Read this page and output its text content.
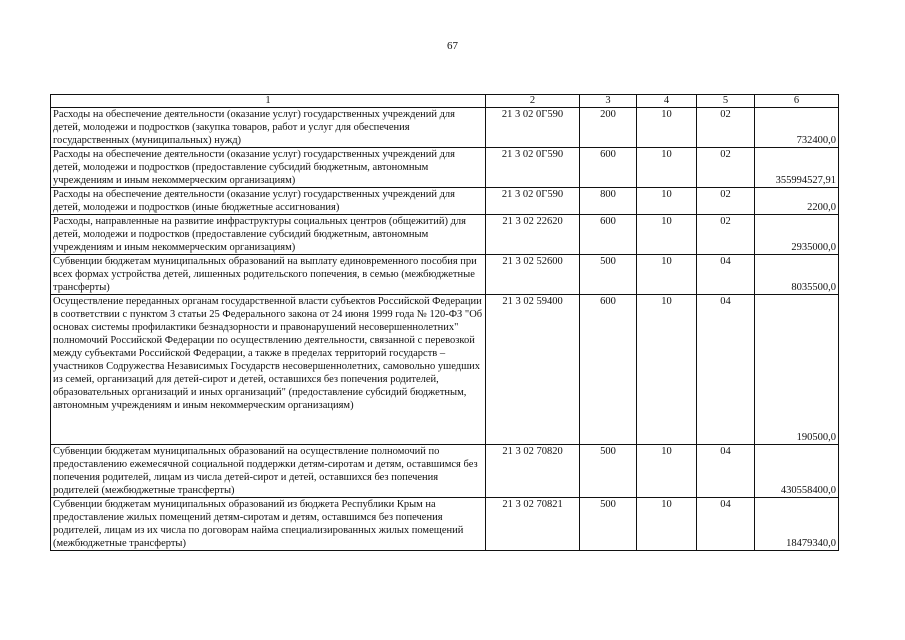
67
1	2	3	4	5	6
Расходы на обеспечение деятельности (оказание услуг) государственных учреждений для детей, молодежи и подростков (закупка товаров, работ и услуг для обеспечения государственных (муниципальных) нужд)	21 3 02 0Г590	200	10	02	732400,0
Расходы на обеспечение деятельности (оказание услуг) государственных учреждений для детей, молодежи и подростков (предоставление субсидий бюджетным, автономным учреждениям и иным некоммерческим организациям)	21 3 02 0Г590	600	10	02	355994527,91
Расходы на обеспечение деятельности (оказание услуг) государственных учреждений для детей, молодежи и подростков (иные бюджетные ассигнования)	21 3 02 0Г590	800	10	02	2200,0
Расходы, направленные на развитие инфраструктуры социальных центров (общежитий) для детей, молодежи и подростков (предоставление субсидий бюджетным, автономным учреждениям и иным некоммерческим организациям)	21 3 02 22620	600	10	02	2935000,0
Субвенции бюджетам муниципальных образований на выплату единовременного пособия при всех формах устройства детей, лишенных родительского попечения, в семью (межбюджетные трансферты)	21 3 02 52600	500	10	04	8035500,0
Осуществление переданных органам государственной власти субъектов Российской Федерации в соответствии с пунктом 3 статьи 25 Федерального закона от 24 июня 1999 года № 120-ФЗ "Об основах системы профилактики безнадзорности и правонарушений несовершеннолетних" полномочий Российской Федерации по осуществлению деятельности, связанной с перевозкой между субъектами Российской Федерации, а также в пределах территорий государств – участников Содружества Независимых Государств несовершеннолетних, самовольно ушедших из семей, организаций для детей-сирот и детей, оставшихся без попечения родителей, образовательных организаций и иных организаций" (предоставление субсидий бюджетным, автономным учреждениям и иным некоммерческим организациям)	21 3 02 59400	600	10	04	190500,0
Субвенции бюджетам муниципальных образований на осуществление полномочий по предоставлению ежемесячной социальной поддержки детям-сиротам и детям, оставшимся без попечения родителей, лицам из числа детей-сирот и детей, оставшихся без попечения родителей (межбюджетные трансферты)	21 3 02 70820	500	10	04	430558400,0
Субвенции бюджетам муниципальных образований из бюджета Республики Крым на предоставление жилых помещений детям-сиротам и детям, оставшимся без попечения родителей, лицам из их числа по договорам найма специализированных жилых помещений (межбюджетные трансферты)	21 3 02 70821	500	10	04	18479340,0
